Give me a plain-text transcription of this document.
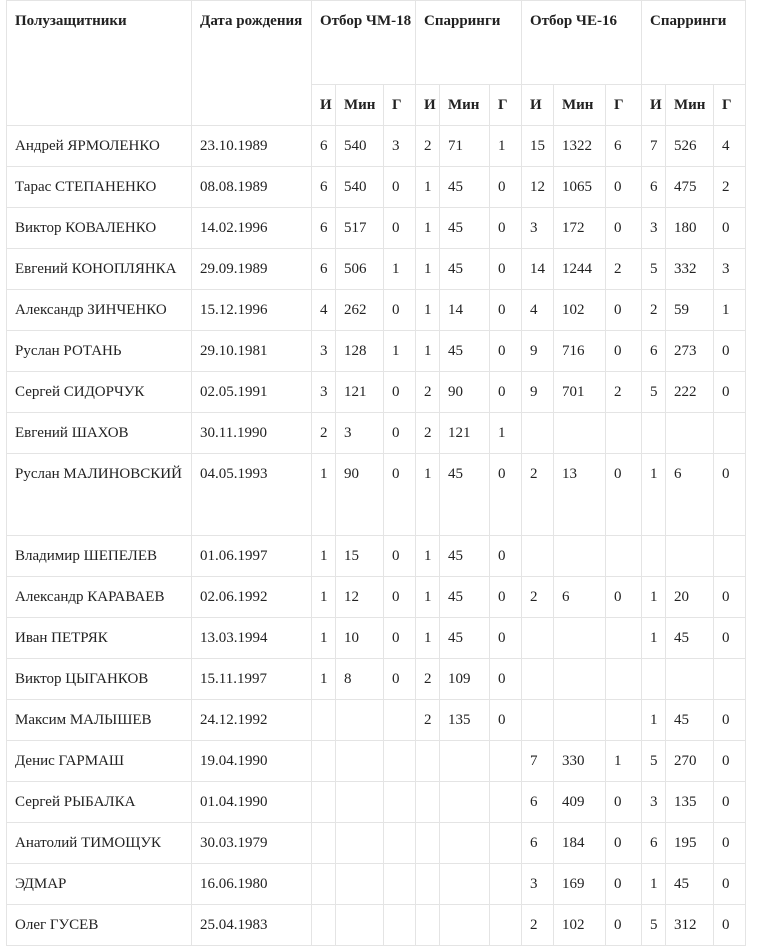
Полузащитники	Дата рождения	Отбор ЧМ-18			Спарринги			Отбор ЧЕ-16			Спарринги		
		И	Мин	Г	И	Мин	Г	И	Мин	Г	И	Мин	Г
Андрей ЯРМОЛЕНКО	23.10.1989	6	540	3	2	71	1	15	1322	6	7	526	4
Тарас СТЕПАНЕНКО	08.08.1989	6	540	0	1	45	0	12	1065	0	6	475	2
Виктор КОВАЛЕНКО	14.02.1996	6	517	0	1	45	0	3	172	0	3	180	0
Евгений КОНОПЛЯНКА	29.09.1989	6	506	1	1	45	0	14	1244	2	5	332	3
Александр ЗИНЧЕНКО	15.12.1996	4	262	0	1	14	0	4	102	0	2	59	1
Руслан РОТАНЬ	29.10.1981	3	128	1	1	45	0	9	716	0	6	273	0
Сергей СИДОРЧУК	02.05.1991	3	121	0	2	90	0	9	701	2	5	222	0
Евгений ШАХОВ	30.11.1990	2	3	0	2	121	1						
Руслан МАЛИНОВСКИЙ	04.05.1993	1	90	0	1	45	0	2	13	0	1	6	0
Владимир ШЕПЕЛЕВ	01.06.1997	1	15	0	1	45	0						
Александр КАРАВАЕВ	02.06.1992	1	12	0	1	45	0	2	6	0	1	20	0
Иван ПЕТРЯК	13.03.1994	1	10	0	1	45	0				1	45	0
Виктор ЦЫГАНКОВ	15.11.1997	1	8	0	2	109	0						
Максим МАЛЫШЕВ	24.12.1992				2	135	0				1	45	0
Денис ГАРМАШ	19.04.1990							7	330	1	5	270	0
Сергей РЫБАЛКА	01.04.1990							6	409	0	3	135	0
Анатолий ТИМОЩУК	30.03.1979							6	184	0	6	195	0
ЭДМАР	16.06.1980							3	169	0	1	45	0
Олег ГУСЕВ	25.04.1983							2	102	0	5	312	0
